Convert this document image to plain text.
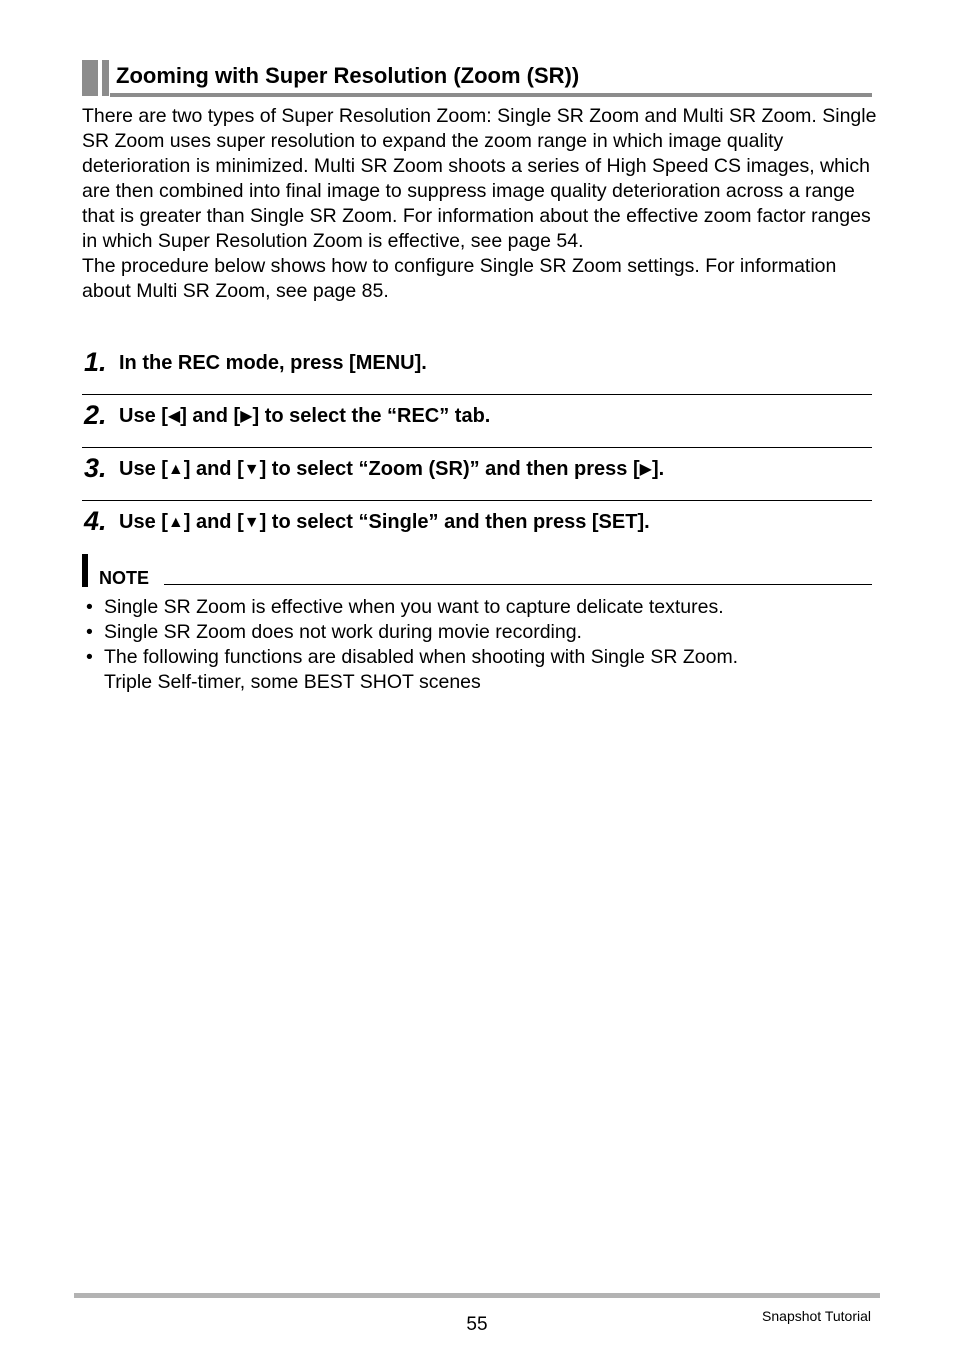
Zooming with Super Resolution (Zoom (SR))

There are two types of Super Resolution Zoom: Single SR Zoom and Multi SR Zoom. Single SR Zoom uses super resolution to expand the zoom range in which image quality deterioration is minimized. Multi SR Zoom shoots a series of High Speed CS images, which are then combined into final image to suppress image quality deterioration across a range that is greater than Single SR Zoom. For information about the effective zoom factor ranges in which Super Resolution Zoom is effective, see page 54.

The procedure below shows how to configure Single SR Zoom settings. For information about Multi SR Zoom, see page 85.

1. In the REC mode, press [MENU].
2. Use [◀] and [▶] to select the “REC” tab.
3. Use [▲] and [▼] to select “Zoom (SR)” and then press [▶].
4. Use [▲] and [▼] to select “Single” and then press [SET].
NOTE
• Single SR Zoom is effective when you want to capture delicate textures.
• Single SR Zoom does not work during movie recording.
• The following functions are disabled when shooting with Single SR Zoom.
Triple Self-timer, some BEST SHOT scenes
55	Snapshot Tutorial
